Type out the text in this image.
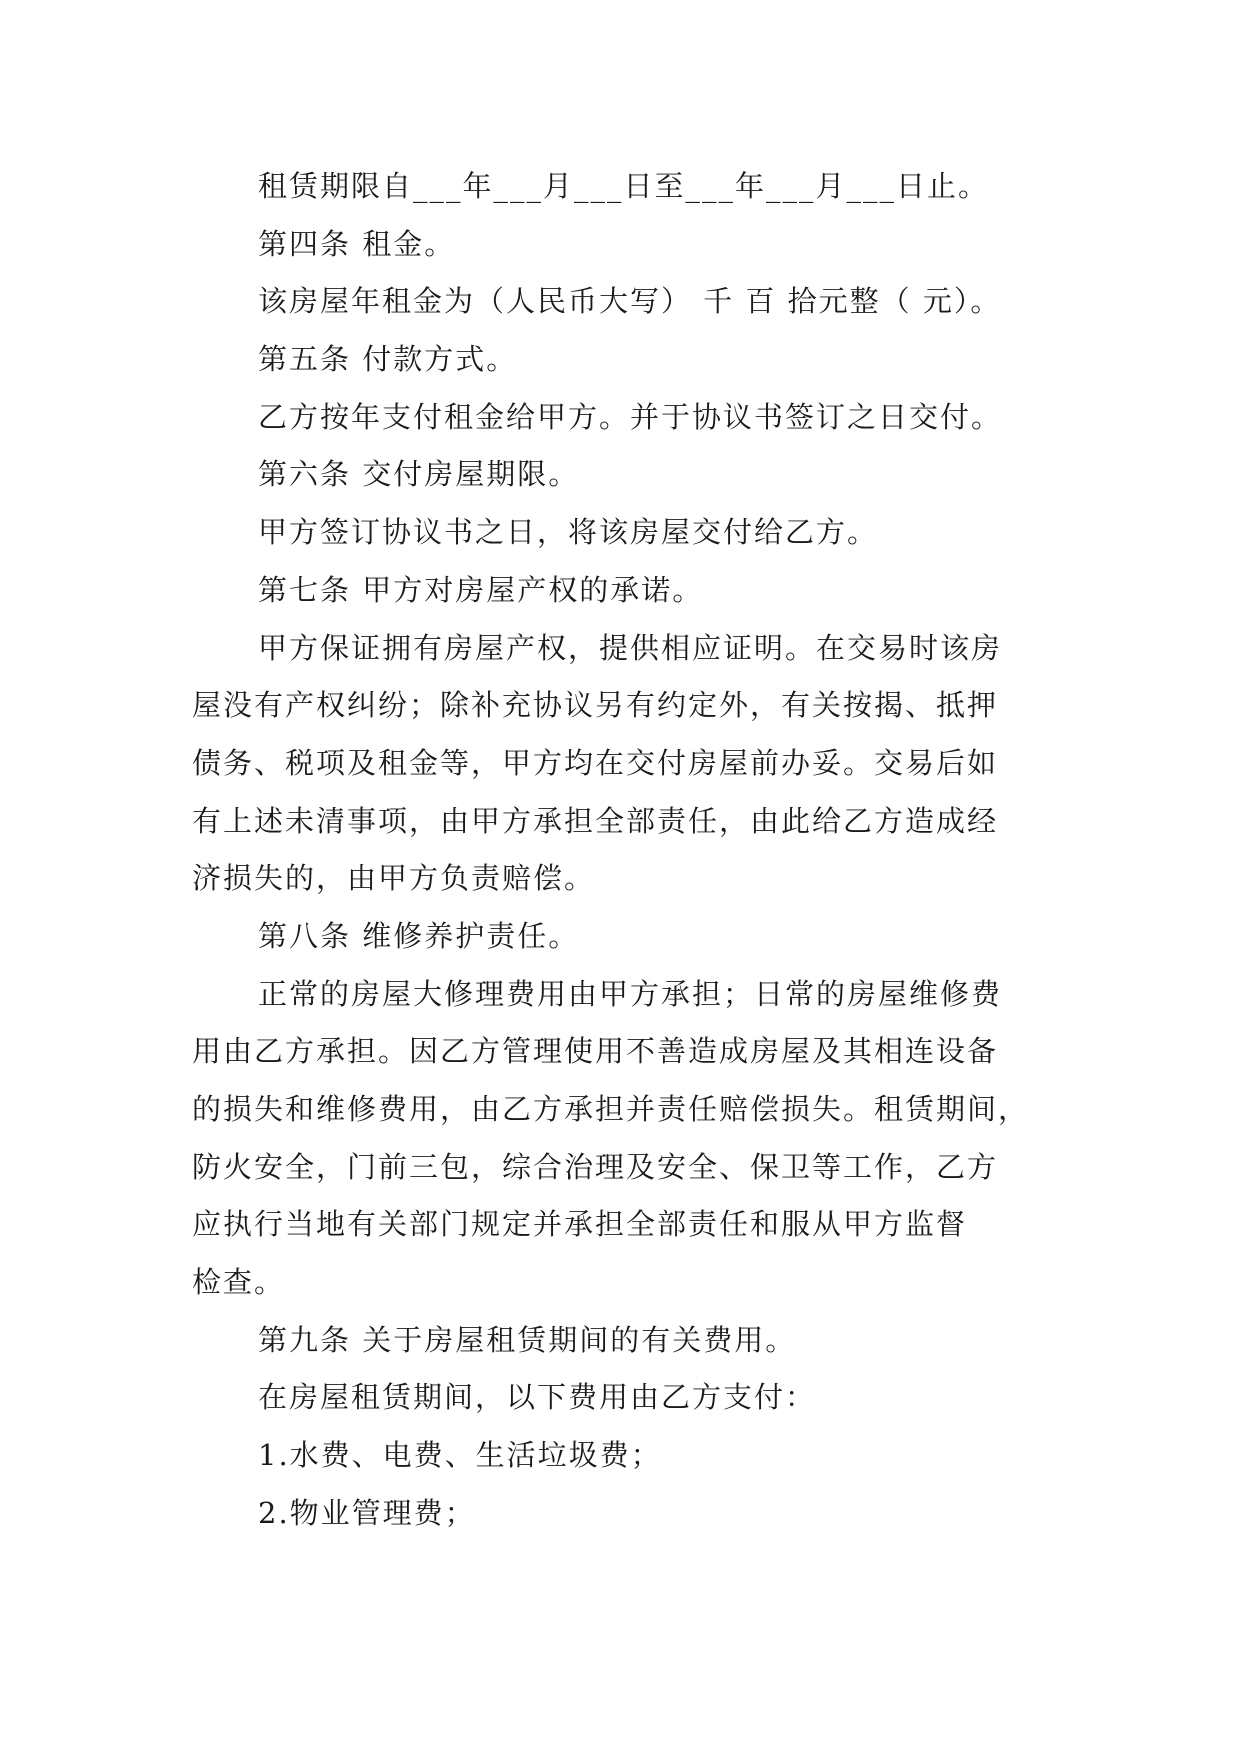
租赁期限自___年___月___日至___年___月___日止。
第四条 租金。
该房屋年租金为（人民币大写） 千 百 拾元整（ 元）。
第五条 付款方式。
乙方按年支付租金给甲方。并于协议书签订之日交付。
第六条 交付房屋期限。
甲方签订协议书之日，将该房屋交付给乙方。
第七条 甲方对房屋产权的承诺。
甲方保证拥有房屋产权，提供相应证明。在交易时该房
屋没有产权纠纷；除补充协议另有约定外，有关按揭、抵押
债务、税项及租金等，甲方均在交付房屋前办妥。交易后如
有上述未清事项，由甲方承担全部责任，由此给乙方造成经
济损失的，由甲方负责赔偿。
第八条 维修养护责任。
正常的房屋大修理费用由甲方承担；日常的房屋维修费
用由乙方承担。因乙方管理使用不善造成房屋及其相连设备
的损失和维修费用，由乙方承担并责任赔偿损失。租赁期间，
防火安全，门前三包，综合治理及安全、保卫等工作，乙方
应执行当地有关部门规定并承担全部责任和服从甲方监督
检查。
第九条 关于房屋租赁期间的有关费用。
在房屋租赁期间，以下费用由乙方支付：
1.水费、电费、生活垃圾费；
2.物业管理费；
